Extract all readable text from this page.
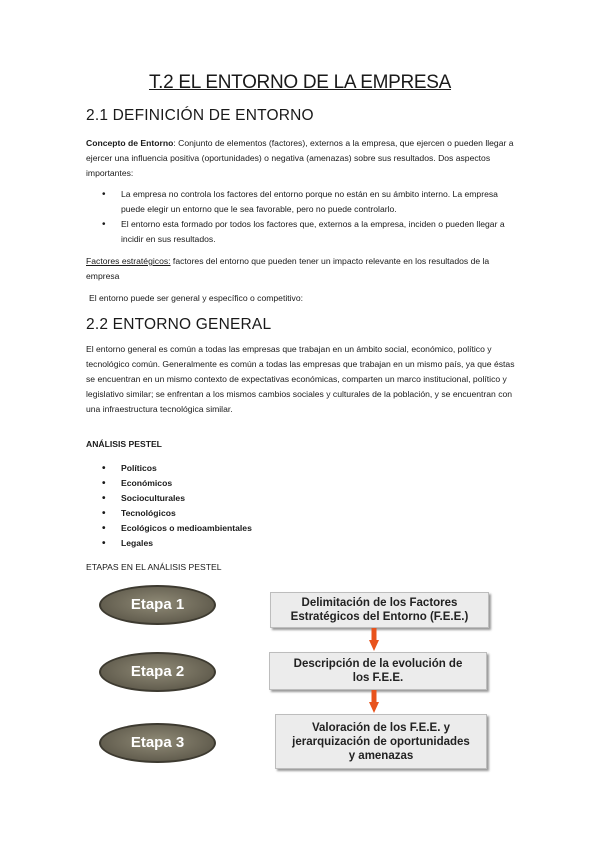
T.2 EL ENTORNO DE LA EMPRESA
2.1 DEFINICIÓN DE ENTORNO

Concepto de Entorno: Conjunto de elementos (factores), externos a la empresa, que ejercen o pueden llegar a ejercer una influencia positiva (oportunidades) o negativa (amenazas) sobre sus resultados. Dos aspectos importantes:

• La empresa no controla los factores del entorno porque no están en su ámbito interno. La empresa puede elegir un entorno que le sea favorable, pero no puede controlarlo.
• El entorno esta formado por todos los factores que, externos a la empresa, inciden o pueden llegar a incidir en sus resultados.

Factores estratégicos: factores del entorno que pueden tener un impacto relevante en los resultados de la empresa

El entorno puede ser general y específico o competitivo:

2.2 ENTORNO GENERAL

El entorno general es común a todas las empresas que trabajan en un ámbito social, económico, político y tecnológico común. Generalmente es común a todas las empresas que trabajan en un mismo país, ya que éstas se encuentran en un mismo contexto de expectativas económicas, comparten un marco institucional, político y legislativo similar; se enfrentan a los mismos cambios sociales y culturales de la población, y se encuentran con una infraestructura tecnológica similar.

ANÁLISIS PESTEL

• Políticos
• Económicos
• Socioculturales
• Tecnológicos
• Ecológicos o medioambientales
• Legales

ETAPAS EN EL ANÁLISIS PESTEL

Etapa 1
Etapa 2
Etapa 3
Delimitación de los Factores
Estratégicos del Entorno (F.E.E.)
Descripción de la evolución de
los F.E.E.
Valoración de los F.E.E. y
jerarquización de oportunidades
y amenazas
